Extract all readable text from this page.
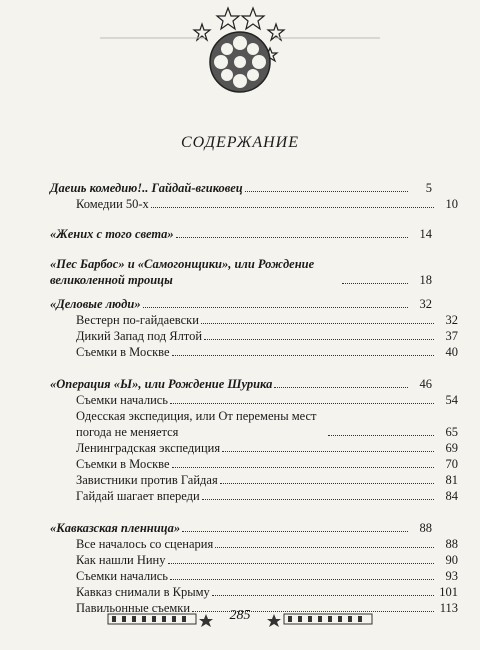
СОДЕРЖАНИЕ
Даешь комедию!.. Гайдай-вгиковец	5
Комедии 50-х	10
«Жених с того света»	14
«Пес Барбос» и «Самогонщики», или Рождение великоленной троицы	18
«Деловые люди»	32
Вестерн по-гайдаевски	32
Дикий Запад под Ялтой	37
Съемки в Москве	40
«Операция «Ы», или Рождение Шурика	46
Съемки начались	54
Одесская экспедиция, или От перемены мест погода не меняется	65
Ленинградская экспедиция	69
Съемки в Москве	70
Завистники против Гайдая	81
Гайдай шагает впереди	84
«Кавказская пленница»	88
Все началось со сценария	88
Как нашли Нину	90
Съемки начались	93
Кавказ снимали в Крыму	101
Павильонные съемки	113
285
